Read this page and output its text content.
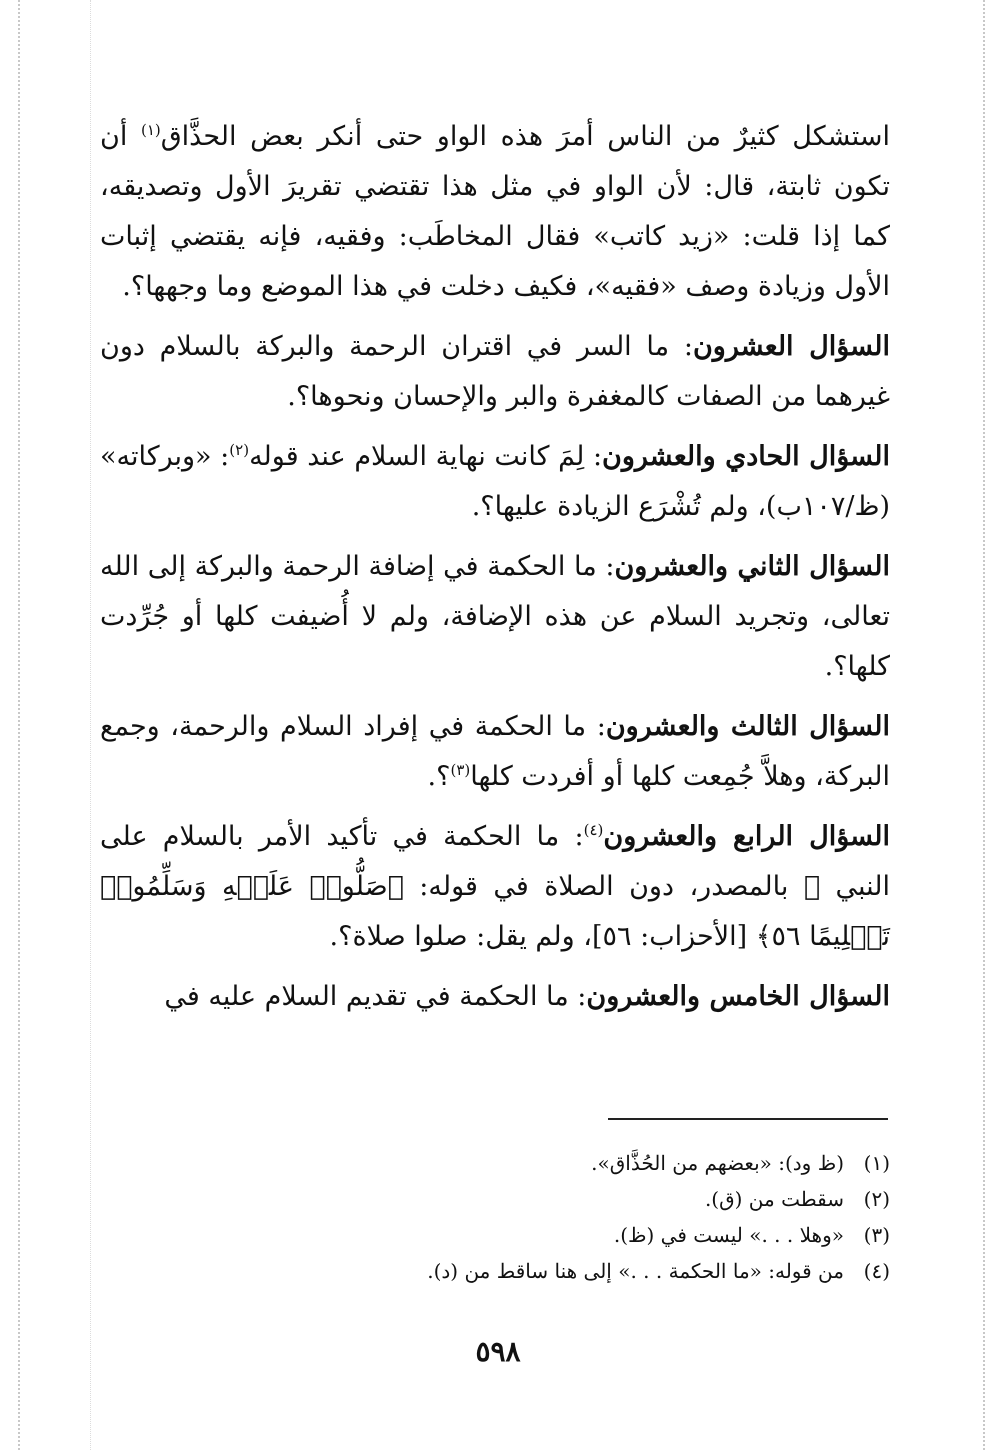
استشكل كثيرٌ من الناس أمرَ هذه الواو حتى أنكر بعض الحذَّاق$^{(١)}$ أن تكون ثابتة، قال: لأن الواو في مثل هذا تقتضي تقريرَ الأول وتصديقه، كما إذا قلت: «زيد كاتب» فقال المخاطَب: وفقيه، فإنه يقتضي إثبات الأول وزيادة وصف «فقيه»، فكيف دخلت في هذا الموضع وما وجهها؟.

السؤال العشرون: ما السر في اقتران الرحمة والبركة بالسلام دون غيرهما من الصفات كالمغفرة والبر والإحسان ونحوها؟.

السؤال الحادي والعشرون: لِمَ كانت نهاية السلام عند قوله$^{(٢)}$: «وبركاته» (ظ/١٠٧ب)، ولم تُشْرَع الزيادة عليها؟.

السؤال الثاني والعشرون: ما الحكمة في إضافة الرحمة والبركة إلى الله تعالى، وتجريد السلام عن هذه الإضافة، ولم لا أُضيفت كلها أو جُرِّدت كلها؟.

السؤال الثالث والعشرون: ما الحكمة في إفراد السلام والرحمة، وجمع البركة، وهلاَّ جُمِعت كلها أو أفردت كلها$^{(٣)}$؟.

السؤال الرابع والعشرون$^{(٤)}$: ما الحكمة في تأكيد الأمر بالسلام على النبي ﷺ بالمصدر، دون الصلاة في قوله: ﴿صَلُّوا۟ عَلَيۡهِ وَسَلِّمُوا۟ تَسۡلِيمًا ٥٦﴾ [الأحزاب: ٥٦]، ولم يقل: صلوا صلاة؟.

السؤال الخامس والعشرون: ما الحكمة في تقديم السلام عليه في

(١)
(ظ ود): «بعضهم من الحُذَّاق».
(٢)
سقطت من (ق).
(٣)
«وهلا . . .» ليست في (ظ).
(٤)
من قوله: «ما الحكمة . . .» إلى هنا ساقط من (د).
٥٩٨
